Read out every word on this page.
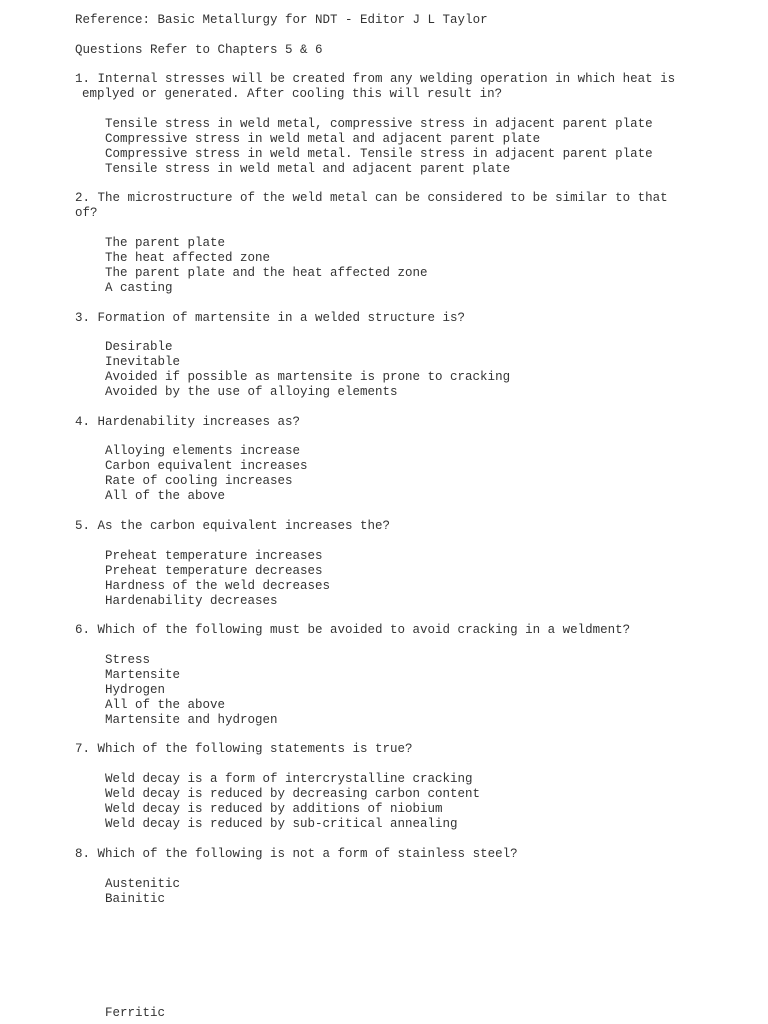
Reference: Basic Metallurgy for NDT - Editor J L Taylor
Questions Refer to Chapters 5 & 6
1. Internal stresses will be created from any welding operation in which heat is
emplyed or generated. After cooling this will result in?
Tensile stress in weld metal, compressive stress in adjacent parent plate
Compressive stress in weld metal and adjacent parent plate
Compressive stress in weld metal. Tensile stress in adjacent parent plate
Tensile stress in weld metal and adjacent parent plate
2. The microstructure of the weld metal can be considered to be similar to that
of?
The parent plate
The heat affected zone
The parent plate and the heat affected zone
A casting
3. Formation of martensite in a welded structure is?
Desirable
Inevitable
Avoided if possible as martensite is prone to cracking
Avoided by the use of alloying elements
4. Hardenability increases as?
Alloying elements increase
Carbon equivalent increases
Rate of cooling increases
All of the above
5. As the carbon equivalent increases the?
Preheat temperature increases
Preheat temperature decreases
Hardness of the weld decreases
Hardenability decreases
6. Which of the following must be avoided to avoid cracking in a weldment?
Stress
Martensite
Hydrogen
All of the above
Martensite and hydrogen
7. Which of the following statements is true?
Weld decay is a form of intercrystalline cracking
Weld decay is reduced by decreasing carbon content
Weld decay is reduced by additions of niobium
Weld decay is reduced by sub-critical annealing
8. Which of the following is not a form of stainless steel?
Austenitic
Bainitic
Ferritic
